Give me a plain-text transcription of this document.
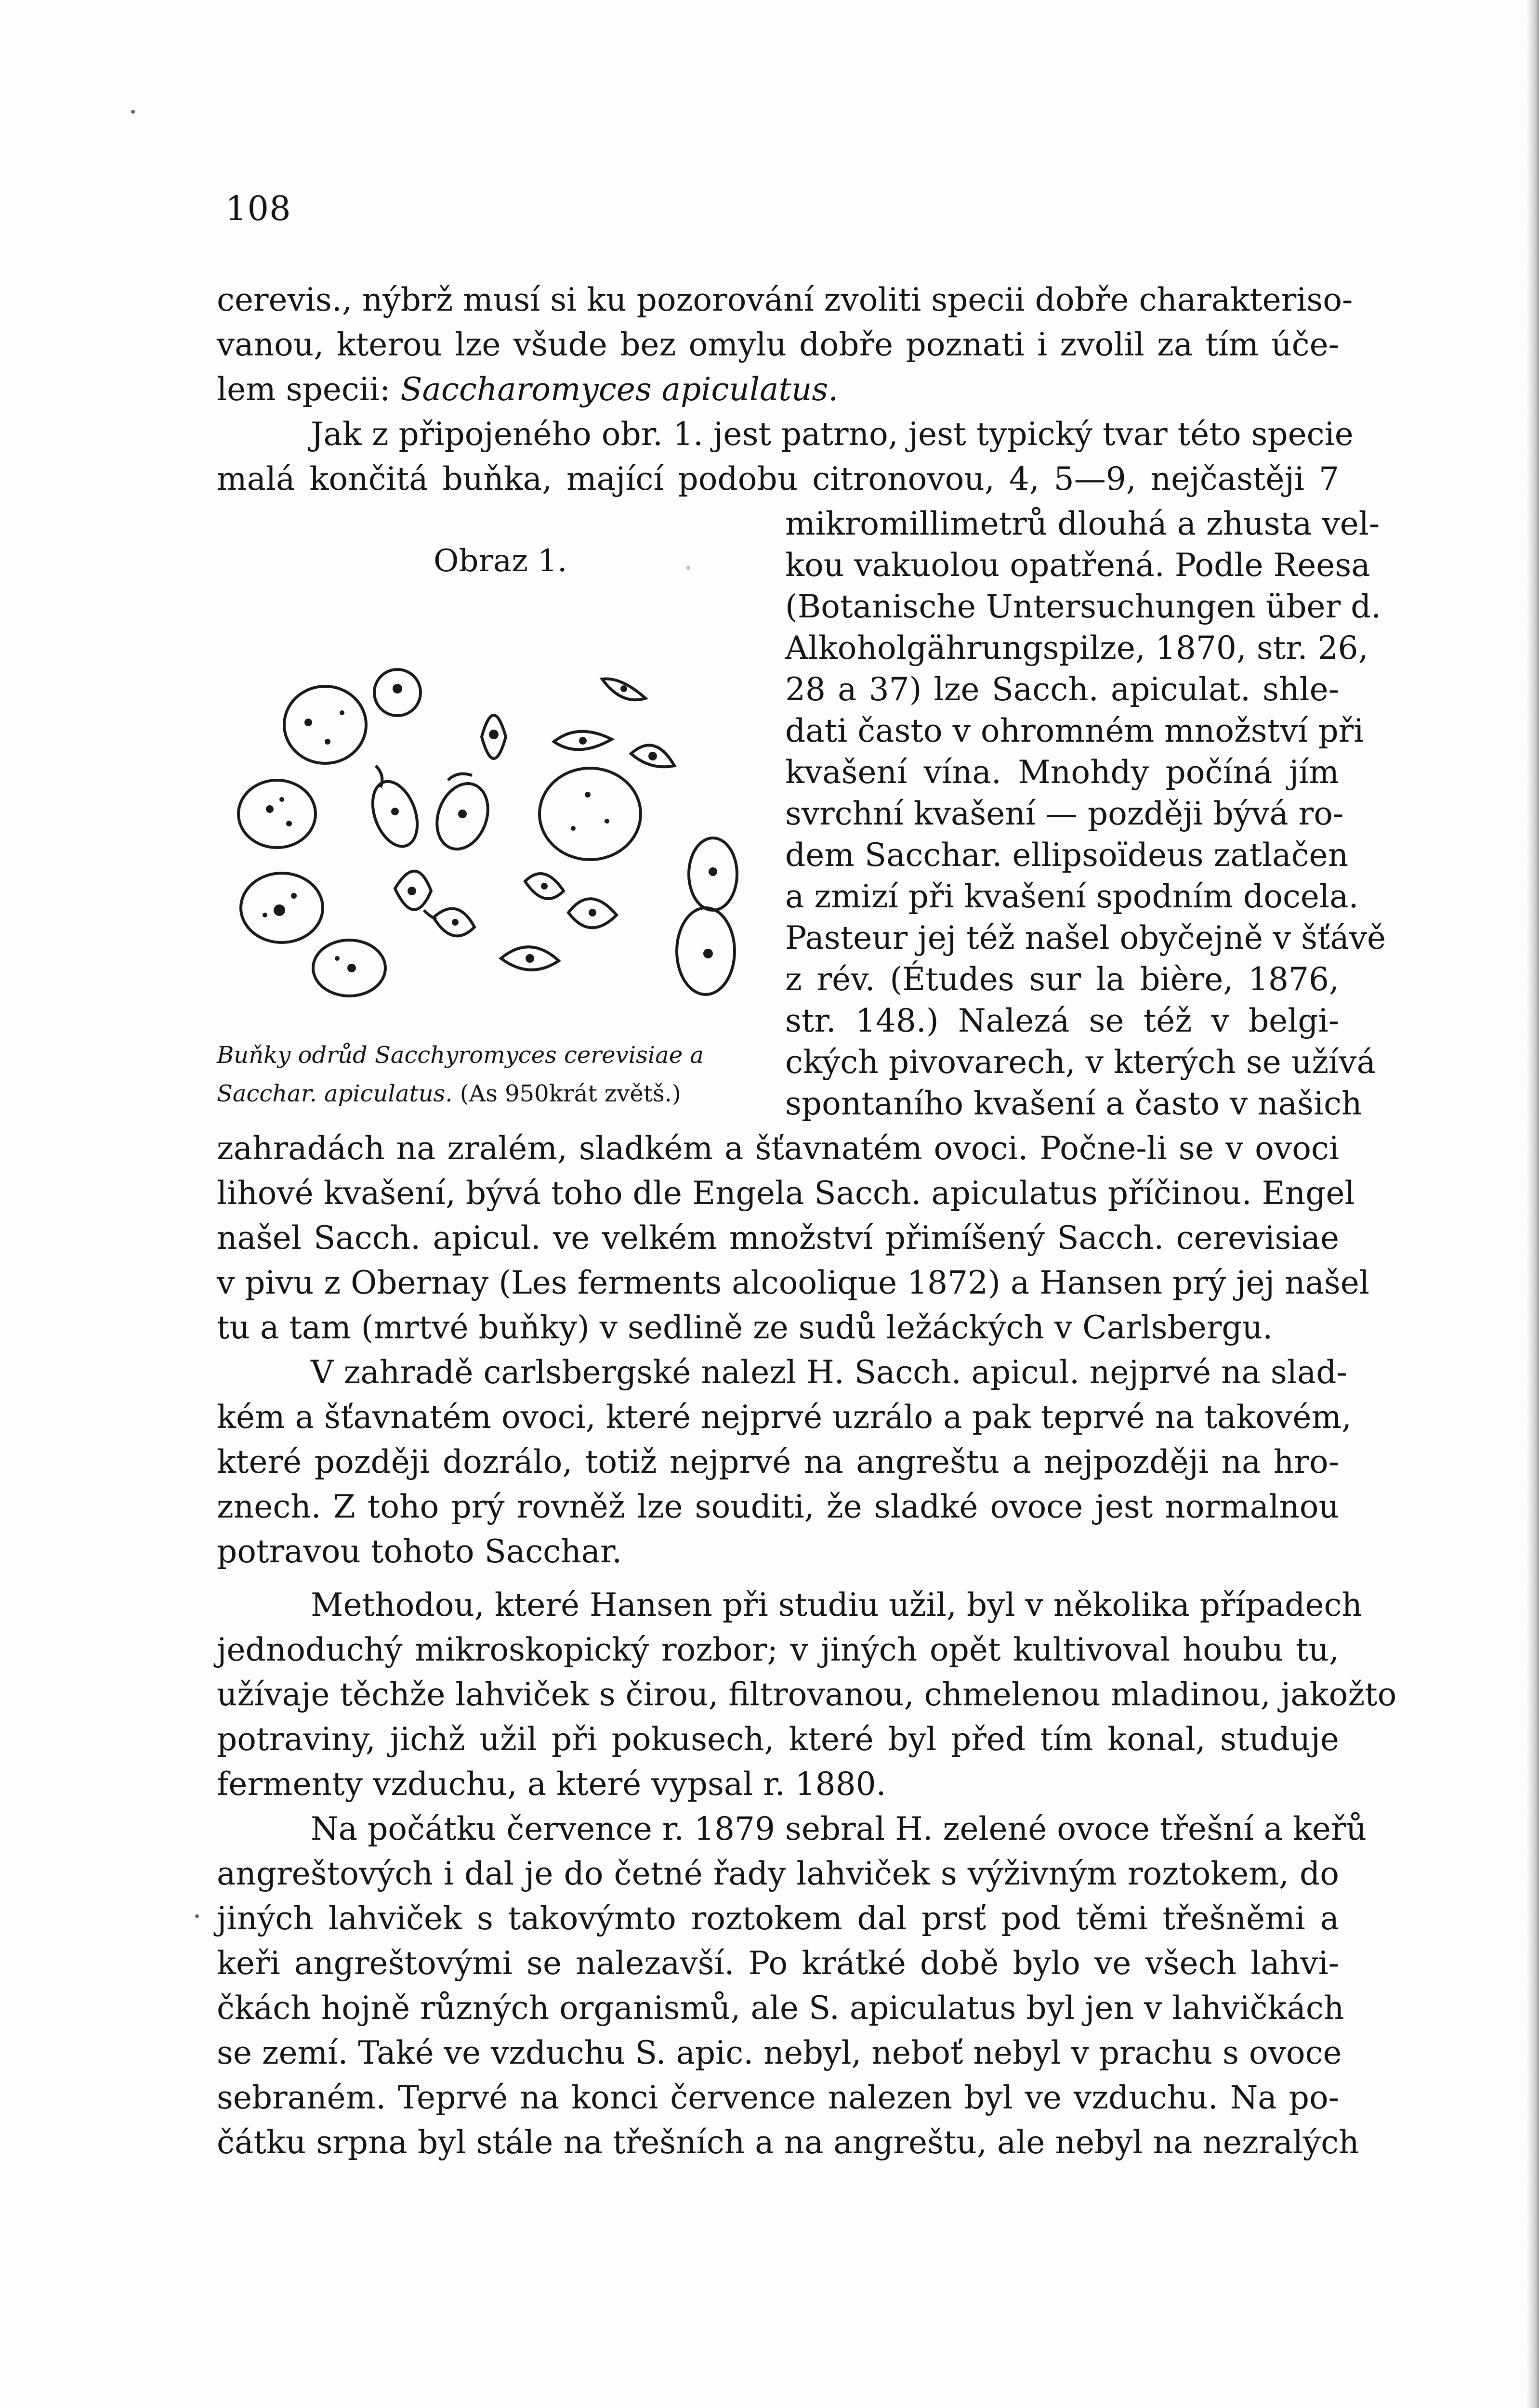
108
cerevis., nýbrž musí si ku pozorování zvoliti specii dobře charakteriso-
vanou, kterou lze všude bez omylu dobře poznati i zvolil za tím úče-
lem specii: Saccharomyces apiculatus.
Jak z připojeného obr. 1. jest patrno, jest typický tvar této specie
malá končitá buňka, mající podobu citronovou, 4, 5—9, nejčastěji 7
mikromillimetrů dlouhá a zhusta vel-
kou vakuolou opatřená. Podle Reesa
(Botanische Untersuchungen über d.
Alkoholgährungspilze, 1870, str. 26,
28 a 37) lze Sacch. apiculat. shle-
dati často v ohromném množství při
kvašení vína. Mnohdy počíná jím
svrchní kvašení — později bývá ro-
dem Sacchar. ellipsoïdeus zatlačen
a zmizí při kvašení spodním docela.
Pasteur jej též našel obyčejně v šťávě
z rév. (Études sur la bière, 1876,
str. 148.) Nalezá se též v belgi-
ckých pivovarech, v kterých se užívá
spontaního kvašení a často v našich
Obraz 1.
Buňky odrůd Sacchyromyces cerevisiae a
Sacchar. apiculatus. (As 950krát zvětš.)
zahradách na zralém, sladkém a šťavnatém ovoci. Počne-li se v ovoci
lihové kvašení, bývá toho dle Engela Sacch. apiculatus příčinou. Engel
našel Sacch. apicul. ve velkém množství přimíšený Sacch. cerevisiae
v pivu z Obernay (Les ferments alcoolique 1872) a Hansen prý jej našel
tu a tam (mrtvé buňky) v sedlině ze sudů ležáckých v Carlsbergu.
V zahradě carlsbergské nalezl H. Sacch. apicul. nejprvé na slad-
kém a šťavnatém ovoci, které nejprvé uzrálo a pak teprvé na takovém,
které později dozrálo, totiž nejprvé na angreštu a nejpozději na hro-
znech. Z toho prý rovněž lze souditi, že sladké ovoce jest normalnou
potravou tohoto Sacchar.
Methodou, které Hansen při studiu užil, byl v několika případech
jednoduchý mikroskopický rozbor; v jiných opět kultivoval houbu tu,
užívaje těchže lahviček s čirou, filtrovanou, chmelenou mladinou, jakožto
potraviny, jichž užil při pokusech, které byl před tím konal, studuje
fermenty vzduchu, a které vypsal r. 1880.
Na počátku července r. 1879 sebral H. zelené ovoce třešní a keřů
angreštových i dal je do četné řady lahviček s výživným roztokem, do
jiných lahviček s takovýmto roztokem dal prsť pod těmi třešněmi a
keři angreštovými se nalezavší. Po krátké době bylo ve všech lahvi-
čkách hojně různých organismů, ale S. apiculatus byl jen v lahvičkách
se zemí. Také ve vzduchu S. apic. nebyl, neboť nebyl v prachu s ovoce
sebraném. Teprvé na konci července nalezen byl ve vzduchu. Na po-
čátku srpna byl stále na třešních a na angreštu, ale nebyl na nezralých
